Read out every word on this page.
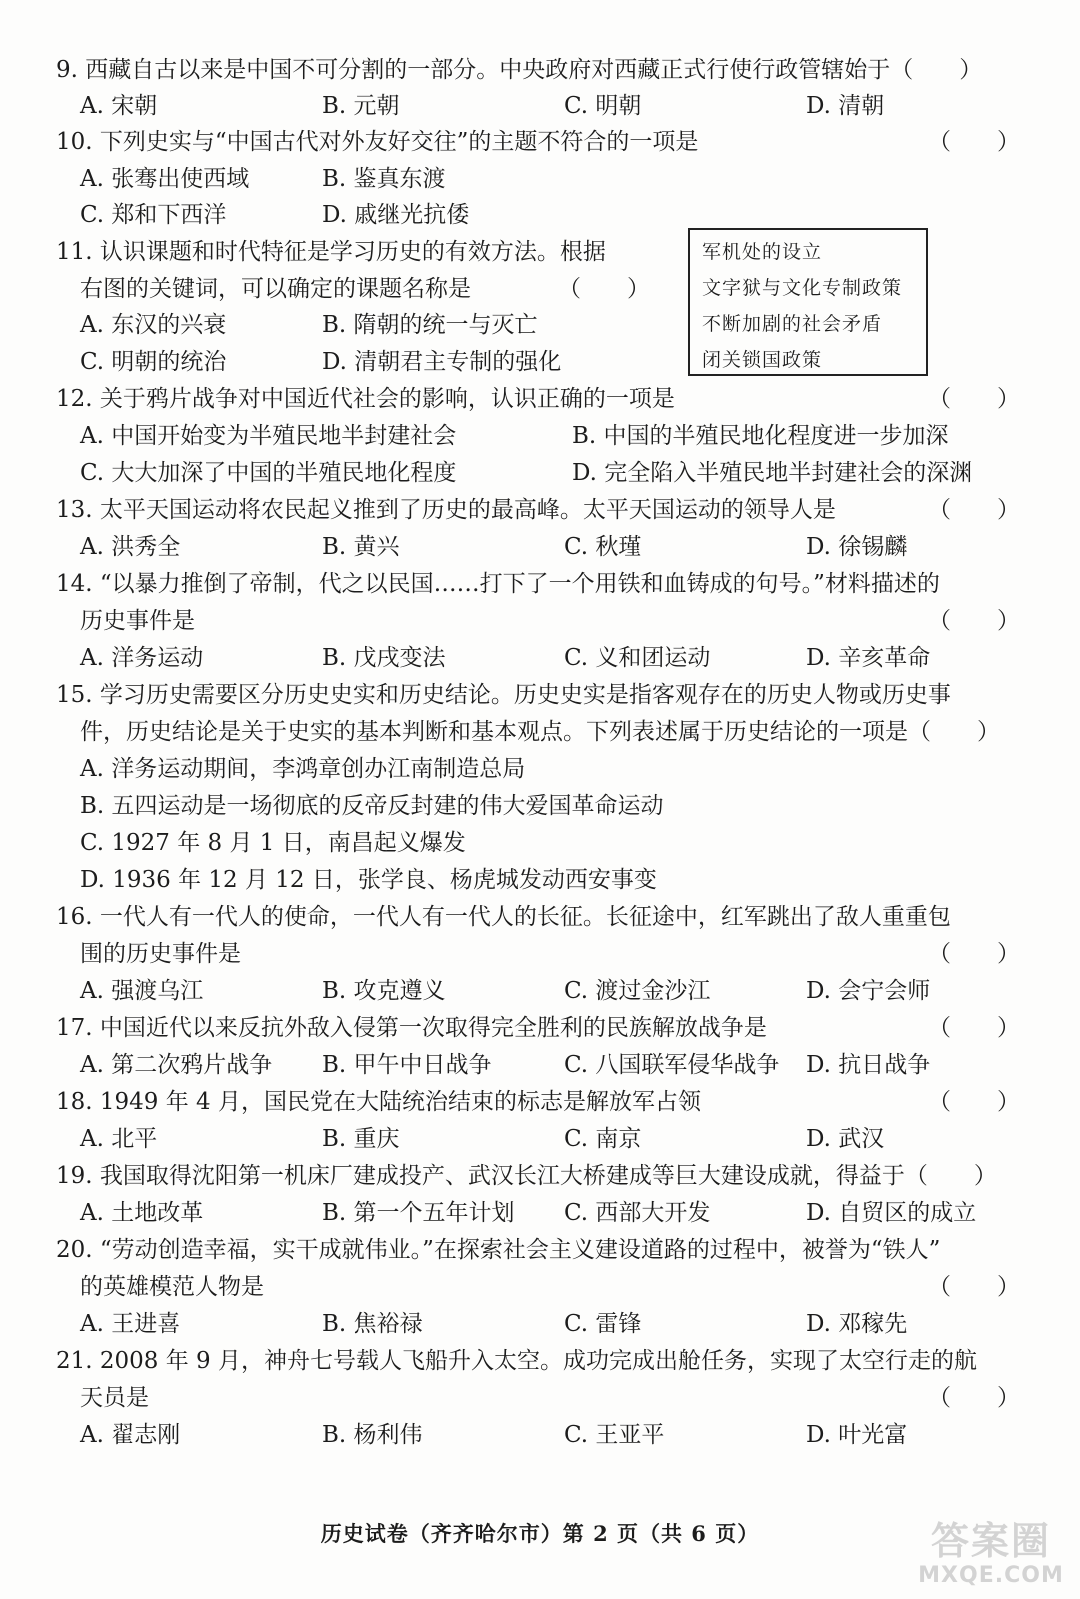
9. 西藏自古以来是中国不可分割的一部分。中央政府对西藏正式行使行政管辖始于（　　）
A. 宋朝	B. 元朝	C. 明朝	D. 清朝
10. 下列史实与“中国古代对外友好交往”的主题不符合的一项是	（　　）
A. 张骞出使西域	B. 鉴真东渡
C. 郑和下西洋	D. 戚继光抗倭
11. 认识课题和时代特征是学习历史的有效方法。根据
右图的关键词，可以确定的课题名称是	（　　）
A. 东汉的兴衰	B. 隋朝的统一与灭亡
C. 明朝的统治	D. 清朝君主专制的强化
军机处的设立
文字狱与文化专制政策
不断加剧的社会矛盾
闭关锁国政策
12. 关于鸦片战争对中国近代社会的影响，认识正确的一项是	（　　）
A. 中国开始变为半殖民地半封建社会	B. 中国的半殖民地化程度进一步加深
C. 大大加深了中国的半殖民地化程度	D. 完全陷入半殖民地半封建社会的深渊
13. 太平天国运动将农民起义推到了历史的最高峰。太平天国运动的领导人是	（　　）
A. 洪秀全	B. 黄兴	C. 秋瑾	D. 徐锡麟
14. “以暴力推倒了帝制，代之以民国……打下了一个用铁和血铸成的句号。”材料描述的
历史事件是	（　　）
A. 洋务运动	B. 戊戌变法	C. 义和团运动	D. 辛亥革命
15. 学习历史需要区分历史史实和历史结论。历史史实是指客观存在的历史人物或历史事
件，历史结论是关于史实的基本判断和基本观点。下列表述属于历史结论的一项是（　　）
A. 洋务运动期间，李鸿章创办江南制造总局
B. 五四运动是一场彻底的反帝反封建的伟大爱国革命运动
C. 1927 年 8 月 1 日，南昌起义爆发
D. 1936 年 12 月 12 日，张学良、杨虎城发动西安事变
16. 一代人有一代人的使命，一代人有一代人的长征。长征途中，红军跳出了敌人重重包
围的历史事件是	（　　）
A. 强渡乌江	B. 攻克遵义	C. 渡过金沙江	D. 会宁会师
17. 中国近代以来反抗外敌入侵第一次取得完全胜利的民族解放战争是	（　　）
A. 第二次鸦片战争 B. 甲午中日战争	C. 八国联军侵华战争 D. 抗日战争
18. 1949 年 4 月，国民党在大陆统治结束的标志是解放军占领	（　　）
A. 北平	B. 重庆	C. 南京	D. 武汉
19. 我国取得沈阳第一机床厂建成投产、武汉长江大桥建成等巨大建设成就，得益于（　　）
A. 土地改革	B. 第一个五年计划 C. 西部大开发	D. 自贸区的成立
20. “劳动创造幸福，实干成就伟业。”在探索社会主义建设道路的过程中，被誉为“铁人”
的英雄模范人物是	（　　）
A. 王进喜	B. 焦裕禄	C. 雷锋	D. 邓稼先
21. 2008 年 9 月，神舟七号载人飞船升入太空。成功完成出舱任务，实现了太空行走的航
天员是	（　　）
A. 翟志刚	B. 杨利伟	C. 王亚平	D. 叶光富
历史试卷（齐齐哈尔市）第 2 页（共 6 页）	答案圈
MXQE.COM
